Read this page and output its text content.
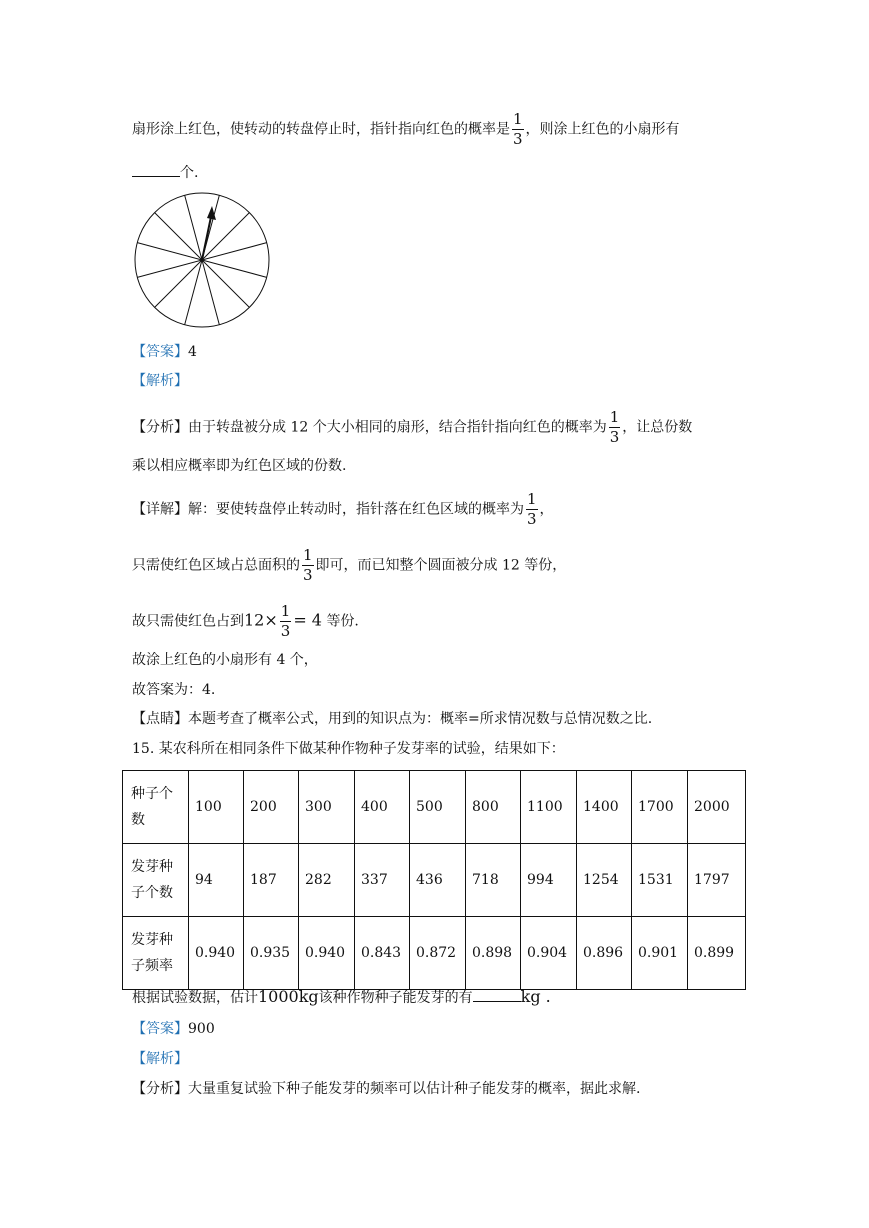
扇形涂上红色，使转动的转盘停止时，指针指向红色的概率是 $\frac{1}{3}$ ，则涂上红色的小扇形有
个.
【答案】4
【解析】
【分析】由于转盘被分成 12 个大小相同的扇形，结合指针指向红色的概率为 $\frac{1}{3}$ ，让总份数
乘以相应概率即为红色区域的份数.
【详解】解：要使转盘停止转动时，指针落在红色区域的概率为 $\frac{1}{3}$ ，
只需使红色区域占总面积的 $\frac{1}{3}$ 即可，而已知整个圆面被分成 12 等份，
故只需使红色占到$12\times \frac{1}{3} = 4$ 等份.
故涂上红色的小扇形有 4 个，
故答案为：4.
【点睛】本题考查了概率公式，用到的知识点为：概率=所求情况数与总情况数之比.
15. 某农科所在相同条件下做某种作物种子发芽率的试验，结果如下：
种子个数	100	200	300	400	500	800	1100	1400	1700	2000
发芽种子个数	94	187	282	337	436	718	994	1254	1531	1797
发芽种子频率	0.940	0.935	0.940	0.843	0.872	0.898	0.904	0.896	0.901	0.899
根据试验数据，估计1000kg该种作物种子能发芽的有	kg .
【答案】900
【解析】
【分析】大量重复试验下种子能发芽的频率可以估计种子能发芽的概率，据此求解.
